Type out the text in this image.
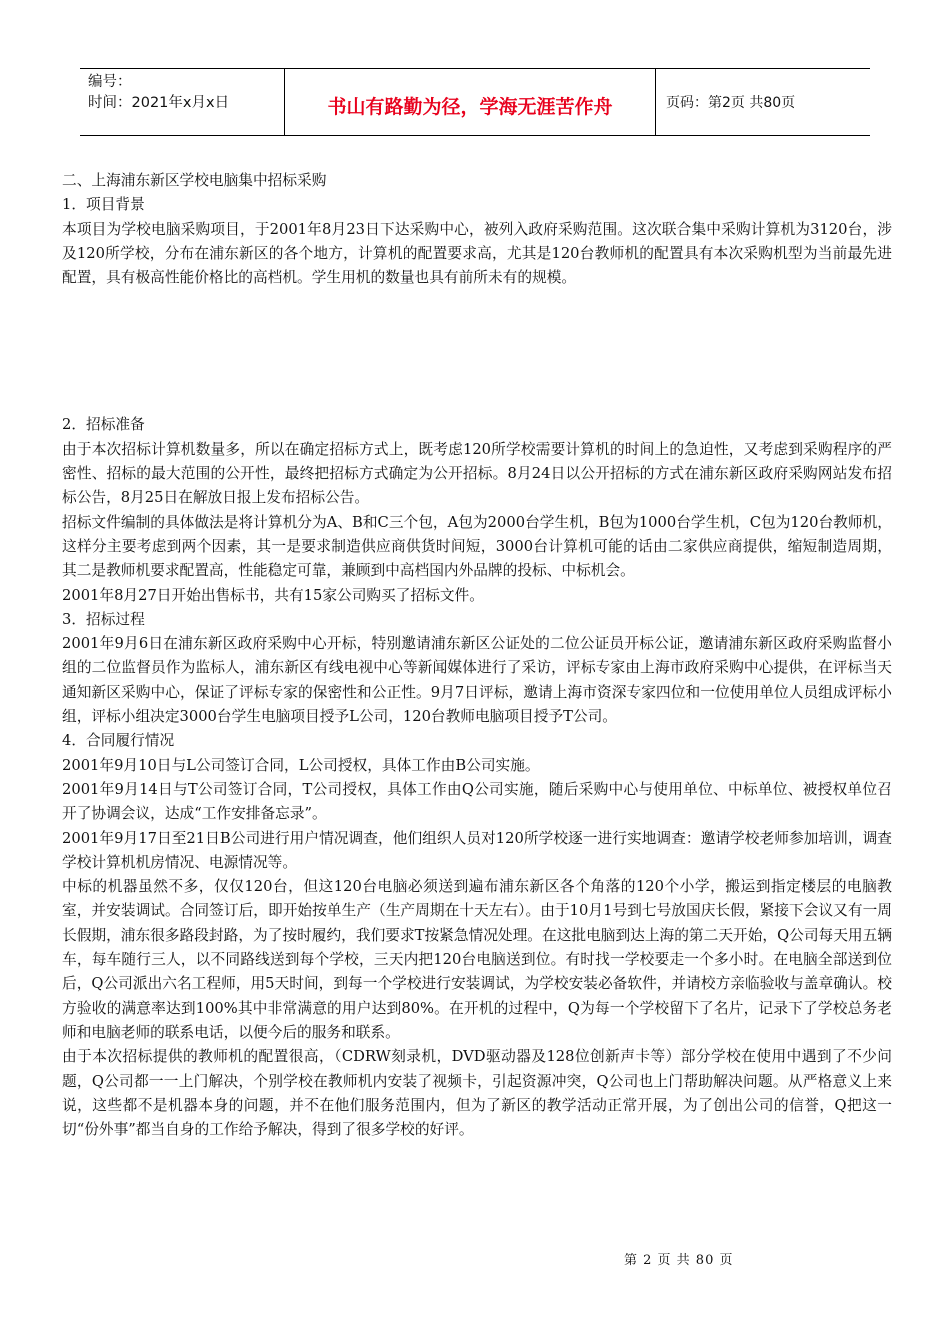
编号：
时间：2021年x月x日	书山有路勤为径，学海无涯苦作舟	页码：第2页 共80页

二、上海浦东新区学校电脑集中招标采购

1．项目背景

本项目为学校电脑采购项目，于2001年8月23日下达采购中心，被列入政府采购范围。这次联合集中采购计算机为3120台，涉及120所学校，分布在浦东新区的各个地方，计算机的配置要求高，尤其是120台教师机的配置具有本次采购机型为当前最先进配置，具有极高性能价格比的高档机。学生用机的数量也具有前所未有的规模。

2．招标准备

由于本次招标计算机数量多，所以在确定招标方式上，既考虑120所学校需要计算机的时间上的急迫性，又考虑到采购程序的严密性、招标的最大范围的公开性，最终把招标方式确定为公开招标。8月24日以公开招标的方式在浦东新区政府采购网站发布招标公告，8月25日在解放日报上发布招标公告。

招标文件编制的具体做法是将计算机分为A、B和C三个包，A包为2000台学生机，B包为1000台学生机，C包为120台教师机，这样分主要考虑到两个因素，其一是要求制造供应商供货时间短，3000台计算机可能的话由二家供应商提供，缩短制造周期，其二是教师机要求配置高，性能稳定可靠，兼顾到中高档国内外品牌的投标、中标机会。

2001年8月27日开始出售标书，共有15家公司购买了招标文件。

3．招标过程

2001年9月6日在浦东新区政府采购中心开标，特别邀请浦东新区公证处的二位公证员开标公证，邀请浦东新区政府采购监督小组的二位监督员作为监标人，浦东新区有线电视中心等新闻媒体进行了采访，评标专家由上海市政府采购中心提供，在评标当天通知新区采购中心，保证了评标专家的保密性和公正性。9月7日评标，邀请上海市资深专家四位和一位使用单位人员组成评标小组，评标小组决定3000台学生电脑项目授予L公司，120台教师电脑项目授予T公司。

4．合同履行情况

2001年9月10日与L公司签订合同，L公司授权，具体工作由B公司实施。

2001年9月14日与T公司签订合同，T公司授权，具体工作由Q公司实施，随后采购中心与使用单位、中标单位、被授权单位召开了协调会议，达成“工作安排备忘录”。

2001年9月17日至21日B公司进行用户情况调查，他们组织人员对120所学校逐一进行实地调查：邀请学校老师参加培训，调查学校计算机机房情况、电源情况等。

中标的机器虽然不多，仅仅120台，但这120台电脑必须送到遍布浦东新区各个角落的120个小学，搬运到指定楼层的电脑教室，并安装调试。合同签订后，即开始按单生产（生产周期在十天左右）。由于10月1号到七号放国庆长假，紧接下会议又有一周长假期，浦东很多路段封路，为了按时履约，我们要求T按紧急情况处理。在这批电脑到达上海的第二天开始，Q公司每天用五辆车，每车随行三人，以不同路线送到每个学校，三天内把120台电脑送到位。有时找一学校要走一个多小时。在电脑全部送到位后，Q公司派出六名工程师，用5天时间，到每一个学校进行安装调试，为学校安装必备软件，并请校方亲临验收与盖章确认。校方验收的满意率达到100%其中非常满意的用户达到80%。在开机的过程中，Q为每一个学校留下了名片，记录下了学校总务老师和电脑老师的联系电话，以便今后的服务和联系。

由于本次招标提供的教师机的配置很高，（CDRW刻录机，DVD驱动器及128位创新声卡等）部分学校在使用中遇到了不少问题，Q公司都一一上门解决，个别学校在教师机内安装了视频卡，引起资源冲突，Q公司也上门帮助解决问题。从严格意义上来说，这些都不是机器本身的问题，并不在他们服务范围内，但为了新区的教学活动正常开展，为了创出公司的信誉，Q把这一切“份外事”都当自身的工作给予解决，得到了很多学校的好评。

第 2 页 共 80 页
